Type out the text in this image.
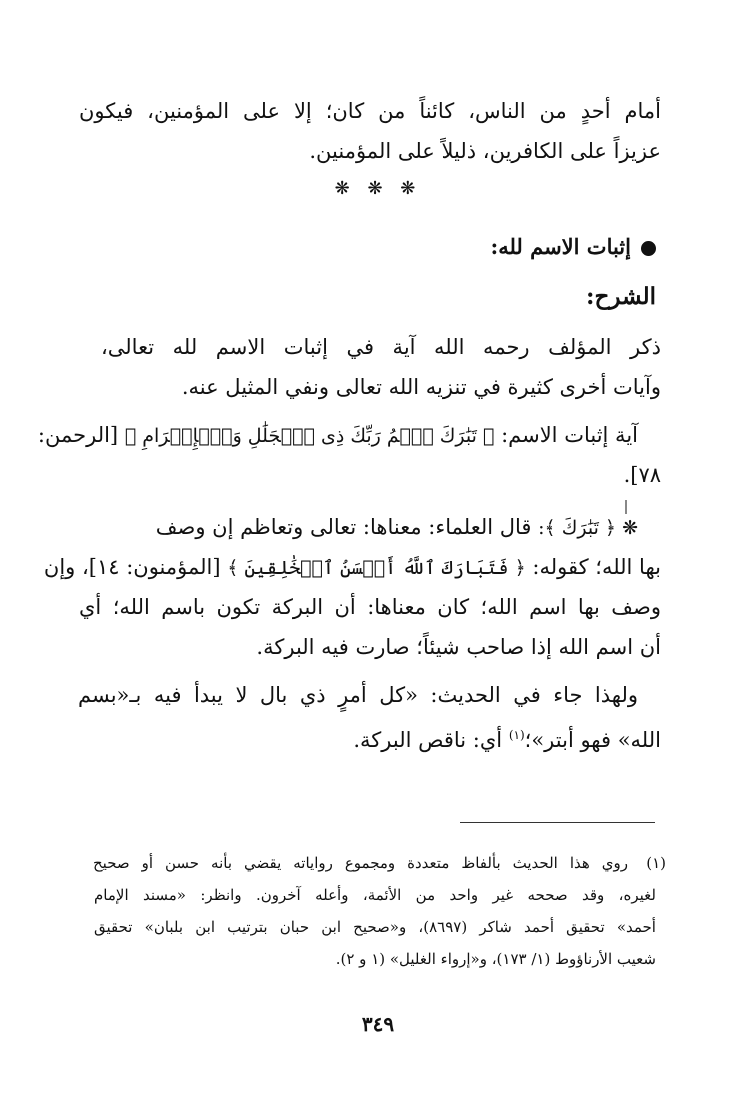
أمام أحدٍ من الناس، كائناً من كان؛ إلا على المؤمنين، فيكون
عزيزاً على الكافرين، ذليلاً على المؤمنين.
❋ ❋ ❋
إثبات الاسم لله:
الشرح:
ذكر المؤلف رحمه الله آية في إثبات الاسم لله تعالى،
وآيات أخرى كثيرة في تنزيه الله تعالى ونفي المثيل عنه.
آية إثبات الاسم: ﴿ تَبَٰرَكَ ٱسۡمُ رَبِّكَ ذِى ٱلۡجَلَٰلِ وَٱلۡإِكۡرَامِ ﴾ [الرحمن:
٧٨].
❋ ﴿ تَبَٰرَكَ ﴾: قال العلماء: معناها: تعالى وتعاظم إن وصف
بها الله؛ كقوله: ﴿ فَتَبَارَكَ ٱللَّهُ أَحۡسَنُ ٱلۡخَٰلِقِينَ ﴾ [المؤمنون: ١٤]، وإن
وصف بها اسم الله؛ كان معناها: أن البركة تكون باسم الله؛ أي
أن اسم الله إذا صاحب شيئاً؛ صارت فيه البركة.
ولهذا جاء في الحديث: «كل أمرٍ ذي بال لا يبدأ فيه بـ«بسم
الله» فهو أبتر»؛$^{(١)}$ أي: ناقص البركة.
(١)
روي هذا الحديث بألفاظ متعددة ومجموع رواياته يقضي بأنه حسن أو صحيح
لغيره، وقد صححه غير واحد من الأئمة، وأعله آخرون. وانظر: «مسند الإمام
أحمد» تحقيق أحمد شاكر (٨٦٩٧)، و«صحيح ابن حبان بترتيب ابن بلبان» تحقيق
شعيب الأرناؤوط (١/ ١٧٣)، و«إرواء الغليل» (١ و ٢).
٣٤٩
